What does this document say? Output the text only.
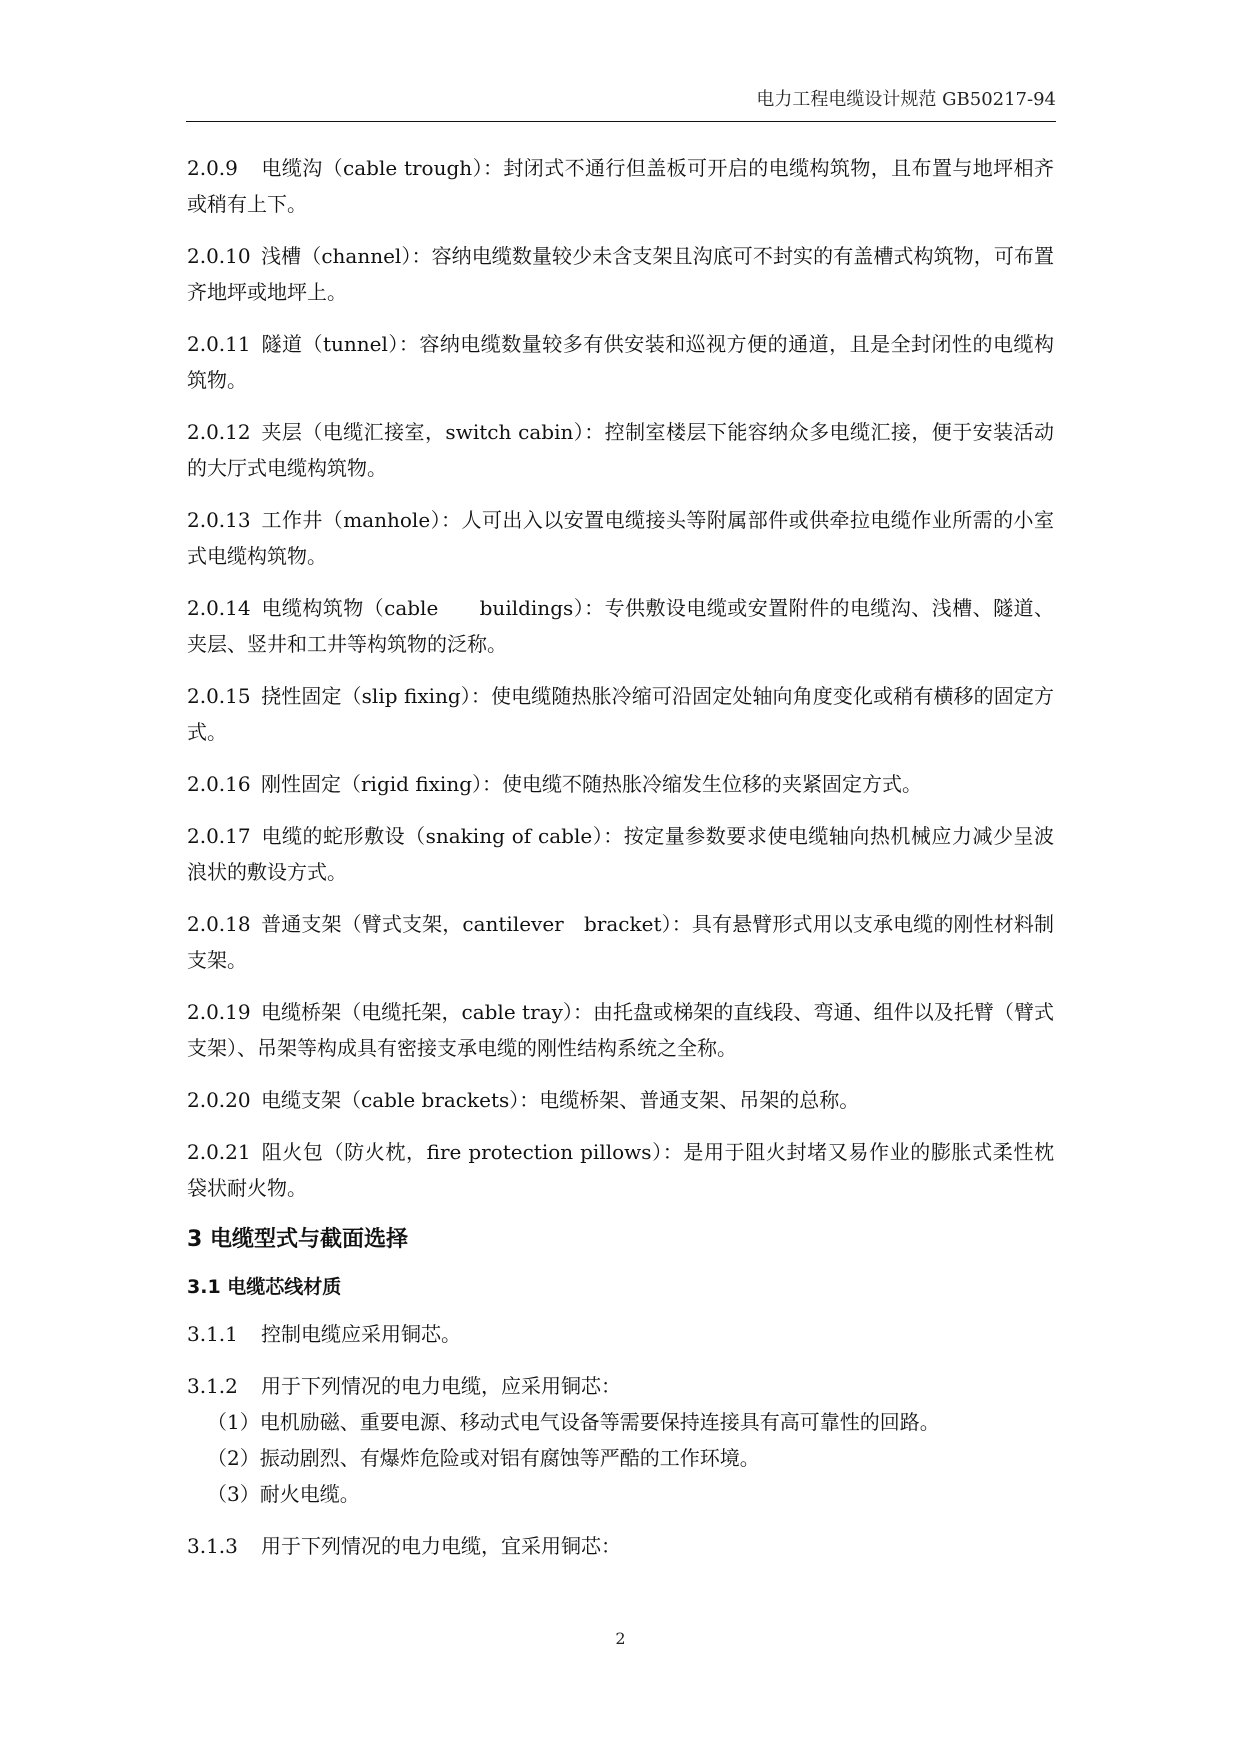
电力工程电缆设计规范 GB50217-94

2.0.9 电缆沟（cable trough）：封闭式不通行但盖板可开启的电缆构筑物，且布置与地坪相齐或稍有上下。

2.0.10 浅槽（channel）：容纳电缆数量较少未含支架且沟底可不封实的有盖槽式构筑物，可布置齐地坪或地坪上。

2.0.11 隧道（tunnel）：容纳电缆数量较多有供安装和巡视方便的通道，且是全封闭性的电缆构筑物。

2.0.12 夹层（电缆汇接室，switch cabin）：控制室楼层下能容纳众多电缆汇接，便于安装活动的大厅式电缆构筑物。

2.0.13 工作井（manhole）：人可出入以安置电缆接头等附属部件或供牵拉电缆作业所需的小室式电缆构筑物。

2.0.14 电缆构筑物（cable　　buildings）：专供敷设电缆或安置附件的电缆沟、浅槽、隧道、夹层、竖井和工井等构筑物的泛称。

2.0.15 挠性固定（slip fixing）：使电缆随热胀冷缩可沿固定处轴向角度变化或稍有横移的固定方式。

2.0.16 刚性固定（rigid fixing）：使电缆不随热胀冷缩发生位移的夹紧固定方式。

2.0.17 电缆的蛇形敷设（snaking of cable）：按定量参数要求使电缆轴向热机械应力减少呈波浪状的敷设方式。

2.0.18 普通支架（臂式支架，cantilever　bracket）：具有悬臂形式用以支承电缆的刚性材料制支架。

2.0.19 电缆桥架（电缆托架，cable tray）：由托盘或梯架的直线段、弯通、组件以及托臂（臂式支架）、吊架等构成具有密接支承电缆的刚性结构系统之全称。

2.0.20 电缆支架（cable brackets）：电缆桥架、普通支架、吊架的总称。

2.0.21 阻火包（防火枕，fire protection pillows）：是用于阻火封堵又易作业的膨胀式柔性枕袋状耐火物。

3 电缆型式与截面选择
3.1 电缆芯线材质

3.1.1 控制电缆应采用铜芯。

3.1.2 用于下列情况的电力电缆，应采用铜芯：

（1）电机励磁、重要电源、移动式电气设备等需要保持连接具有高可靠性的回路。

（2）振动剧烈、有爆炸危险或对铝有腐蚀等严酷的工作环境。

（3）耐火电缆。

3.1.3 用于下列情况的电力电缆，宜采用铜芯：

2
